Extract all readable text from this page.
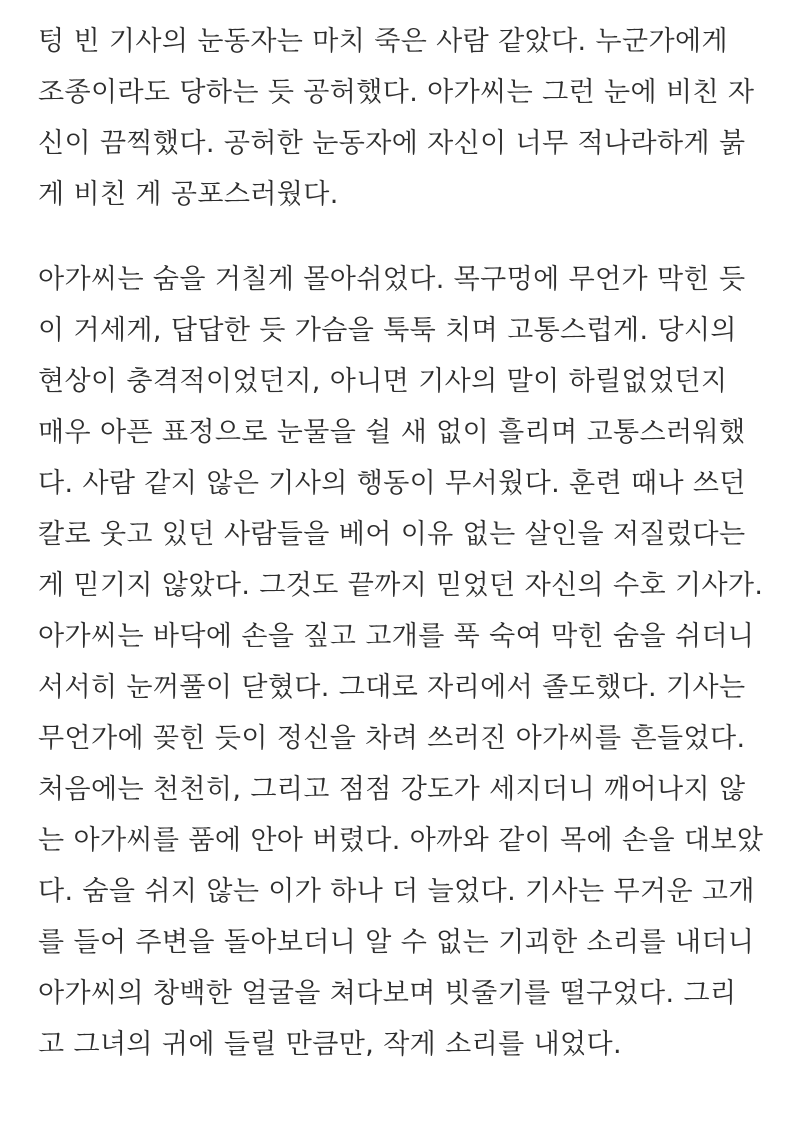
텅 빈 기사의 눈동자는 마치 죽은 사람 같았다. 누군가에게
조종이라도 당하는 듯 공허했다. 아가씨는 그런 눈에 비친 자
신이 끔찍했다. 공허한 눈동자에 자신이 너무 적나라하게 붉
게 비친 게 공포스러웠다.

아가씨는 숨을 거칠게 몰아쉬었다. 목구멍에 무언가 막힌 듯
이 거세게, 답답한 듯 가슴을 툭툭 치며 고통스럽게. 당시의
현상이 충격적이었던지, 아니면 기사의 말이 하릴없었던지
매우 아픈 표정으로 눈물을 쉴 새 없이 흘리며 고통스러워했
다. 사람 같지 않은 기사의 행동이 무서웠다. 훈련 때나 쓰던
칼로 웃고 있던 사람들을 베어 이유 없는 살인을 저질렀다는
게 믿기지 않았다. 그것도 끝까지 믿었던 자신의 수호 기사가.
아가씨는 바닥에 손을 짚고 고개를 푹 숙여 막힌 숨을 쉬더니
서서히 눈꺼풀이 닫혔다. 그대로 자리에서 졸도했다. 기사는
무언가에 꽂힌 듯이 정신을 차려 쓰러진 아가씨를 흔들었다.
처음에는 천천히, 그리고 점점 강도가 세지더니 깨어나지 않
는 아가씨를 품에 안아 버렸다. 아까와 같이 목에 손을 대보았
다. 숨을 쉬지 않는 이가 하나 더 늘었다. 기사는 무거운 고개
를 들어 주변을 돌아보더니 알 수 없는 기괴한 소리를 내더니
아가씨의 창백한 얼굴을 쳐다보며 빗줄기를 떨구었다. 그리
고 그녀의 귀에 들릴 만큼만, 작게 소리를 내었다.
